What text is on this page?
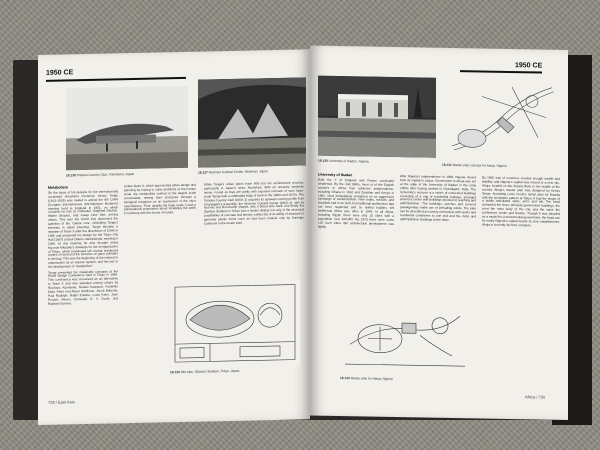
1950 CE
18.128 Totsuka Country Club, Yokohama, Japan	18.127 Nichinan Cultural Center, Nichinan, Japan
Metabolism

On the basis of his designs for the internationally acclaimed Hiroshima memorial, Kenzo Tange (1913–2005) was invited to attend the 8th CIAM (Congres Internationaux d'Architecture Moderne) meeting held in England in 1951, on which occasion he met Le Corbusier, Siegfried Giedion, Walter Gropius, and Josep Lluis Sert, among others. This was the CIAM that discussed the question of the 'culture core,' rekindling Tange's interests in urban planning. Tange became a member of Team X after the dissolution of CIAM in 1956 and presented his design for the Tokyo City Hall (1957) at their Otterlo, Netherlands, meeting in 1959. At this meeting he also brought along Kiyonori Kikutake's drawings for the reorganization of Tokyo, which envisioned tall circular residential towers on land and the factories on giant cylinders in the bay. This was the beginning of the interest in urbanization as an organic system, and the text to the development of 'metabolism.'

Tange presented his metabolist concepts at the World Design Conference held in Tokyo in 1960. This conference was conceived as an alternative to Team X and was attended among others by Nicolaus, Kurokawa, Noriaki Kawazoe, Fumihiko Maki, Peter and Alison Smithson, Jacob Bakema, Paul Rudolph, Ralph Erskine, Louis Kahn, Jean Prouvé, Minoru Yamasaki, B. V. Doshi, and Raphael Soriano.

Unlike Team X, which approached urban design and planning by hoping to solve problems at the human scale, the metabolists worked at the largest scale conceivable, seeing their structures through a biological metaphor as an expression of the city's new lifeforce. Thus, despite the large scale, it was a philosophical proposition about inhabiting the earth in harmony with the forces of nature.

While Tange's urban plans have little but his architectural practice, particularly in Japan's cities, flourished. With an uncanny aesthetic sense, rooted as they are partly with exposed concrete of such large-scale Tange built a celebrated body of work in the 1960s and 1970s. The Totsuka Country Club (1960–1) acquires its upswept curving profile from Chandigarh's Assembly; the Nichinan Cultural Center (1960–2), with its tectonic and Ronchamp shapes, was a breed unto itself; and finally the Olympic Stadium in Tokyo was a tender display not only of the structural possibilities of concrete and tension cables but of its ability of structure to generate plastic forms such as had been modest only by Santiago Calatrava in the recent past.

18.129 Site plan, Olympic Stadium, Tokyo, Japan
728 / East Asia
1950 CE
18.130 University of Ibadan, Nigeria
18.131 Master plan concept for Abuja, Nigeria
University of Ibadan

Both the Y of England and France concluded weakened. By the mid-1960s, most of of the English colonies in Africa had achieved independence, including Ghana in 1962 and Zanzibar and Kenya in 1963. Most immediately embarked on an aggressive campaign of modernization. New roads, schools, and hospitals had to be built, but traditional architecture had not been neglected and so skilled builders left ineffectual Africa was often in 1945. In all Africa, including Egypt, there were only 15 cities with a population over 100,000. By 1970 there were some 120 such cities. But architectural development was lightly.

After Nigeria's independence in 1960, Nigeria moved from its capital in Lagos. Government in Abuja was set at the edge of the University of Ibadan in the early 1960s after having worked in Chandigarh, India. The University's success is a series of connected buildings consisting of a ring of residential colleges, arranged around a center with buildings devoted to teaching and administration. The buildings, porches and covered passageways make use of prevailing winds. The plan can be described as loosely connected, with sports and residential complexes to one end and the clubs and administrative buildings at the other.

By 1960 was of revenues created enough wealth and stability, and Nigeria's capital was moved to a new site, Abuja, located on the Gurara River in the middle of the country. Abuja's master plan was designed by Kenzo Tange. Accepting Lucio Costa's notion plan for Brasilia with the circulation pattern at Tokyo. It had the shape of a boldly articulated spine, arms and tail. The head contained the three principal government buildings, the crest the main body of the city, and the spine the conference center and theatre. Though it was adopted as a model for a monumental government, the head can be easily Nigeria's capital beside its civic establishment. Abuja is currently far from complete.

18.132 Master plan for Abuja, Nigeria
Africa / 730
